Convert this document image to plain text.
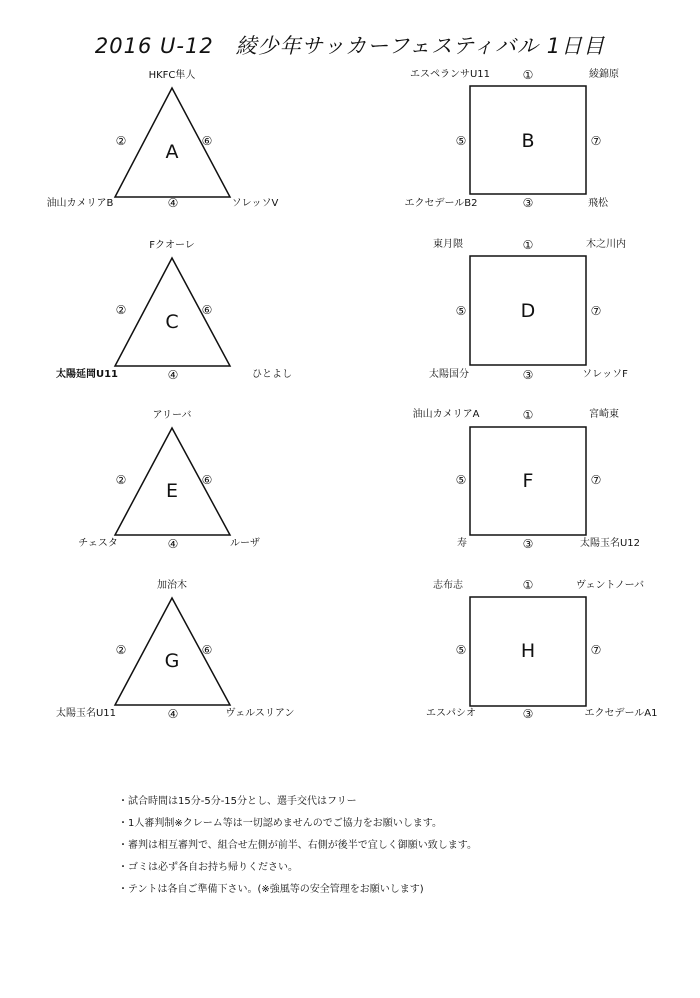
2016 U-12　綾少年サッカーフェスティバル 1日目
HKFC隼人
油山カメリアB	ソレッソV
②	⑥
④
A
Fクオーレ
太陽延岡U11	ひとよし
②	⑥
④
C
アリーバ
チェスタ	ルーザ
②	⑥
④
E
加治木
太陽玉名U11	ヴェルスリアン
②	⑥
④
G
エスペランサU11	綾錦原
エクセデールB2	飛松
①
⑤	⑦
③
B
東月隈	木之川内
太陽国分	ソレッソF
①
⑤	⑦
③
D
油山カメリアA	宮崎東
寿	太陽玉名U12
①
⑤	⑦
③
F
志布志	ヴェントノーバ
エスパシオ	エクセデールA1
①
⑤	⑦
③
H
・試合時間は15分-5分-15分とし、選手交代はフリー
・1人審判制※クレーム等は一切認めませんのでご協力をお願いします。
・審判は相互審判で、組合せ左側が前半、右側が後半で宜しく御願い致します。
・ゴミは必ず各自お持ち帰りください。
・テントは各自ご準備下さい。(※強風等の安全管理をお願いします)
